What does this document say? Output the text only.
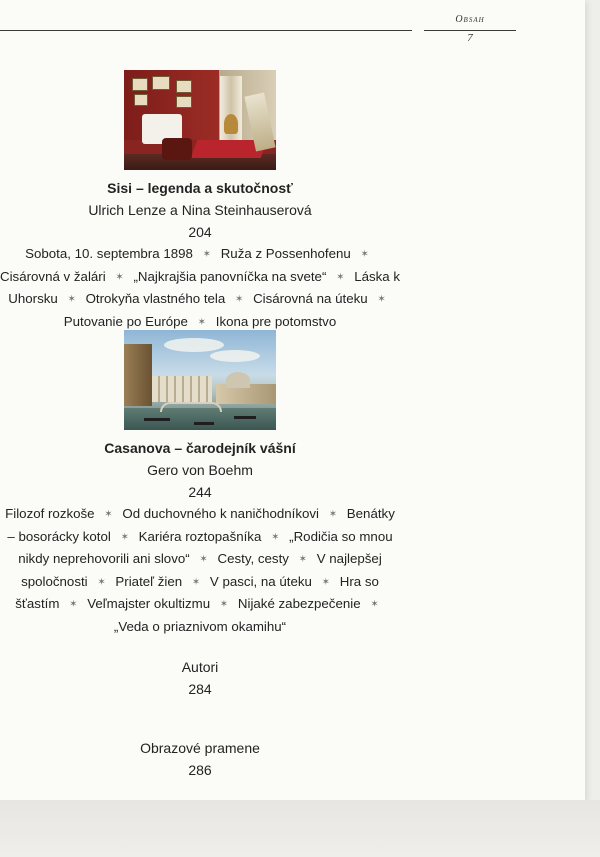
Obsah
7
Sisi – legenda a skutočnosť
Ulrich Lenze a Nina Steinhauserová
204
Sobota, 10. septembra 1898 ✶ Ruža z Possenhofenu ✶ Cisárovná v žalári ✶ „Najkrajšia panovníčka na svete“ ✶ Láska k Uhorsku ✶ Otrokyňa vlastného tela ✶ Cisárovná na úteku ✶ Putovanie po Európe ✶ Ikona pre potomstvo
Casanova – čarodejník vášní
Gero von Boehm
244
Filozof rozkoše ✶ Od duchovného k naničhodníkovi ✶ Benátky – bosorácky kotol ✶ Kariéra roztopašníka ✶ „Rodičia so mnou nikdy neprehovorili ani slovo“ ✶ Cesty, cesty ✶ V najlepšej spoločnosti ✶ Priateľ žien ✶ V pasci, na úteku ✶ Hra so šťastím ✶ Veľmajster okultizmu ✶ Nijaké zabezpečenie ✶ „Veda o priaznivom okamihu“
Autori
284
Obrazové pramene
286
